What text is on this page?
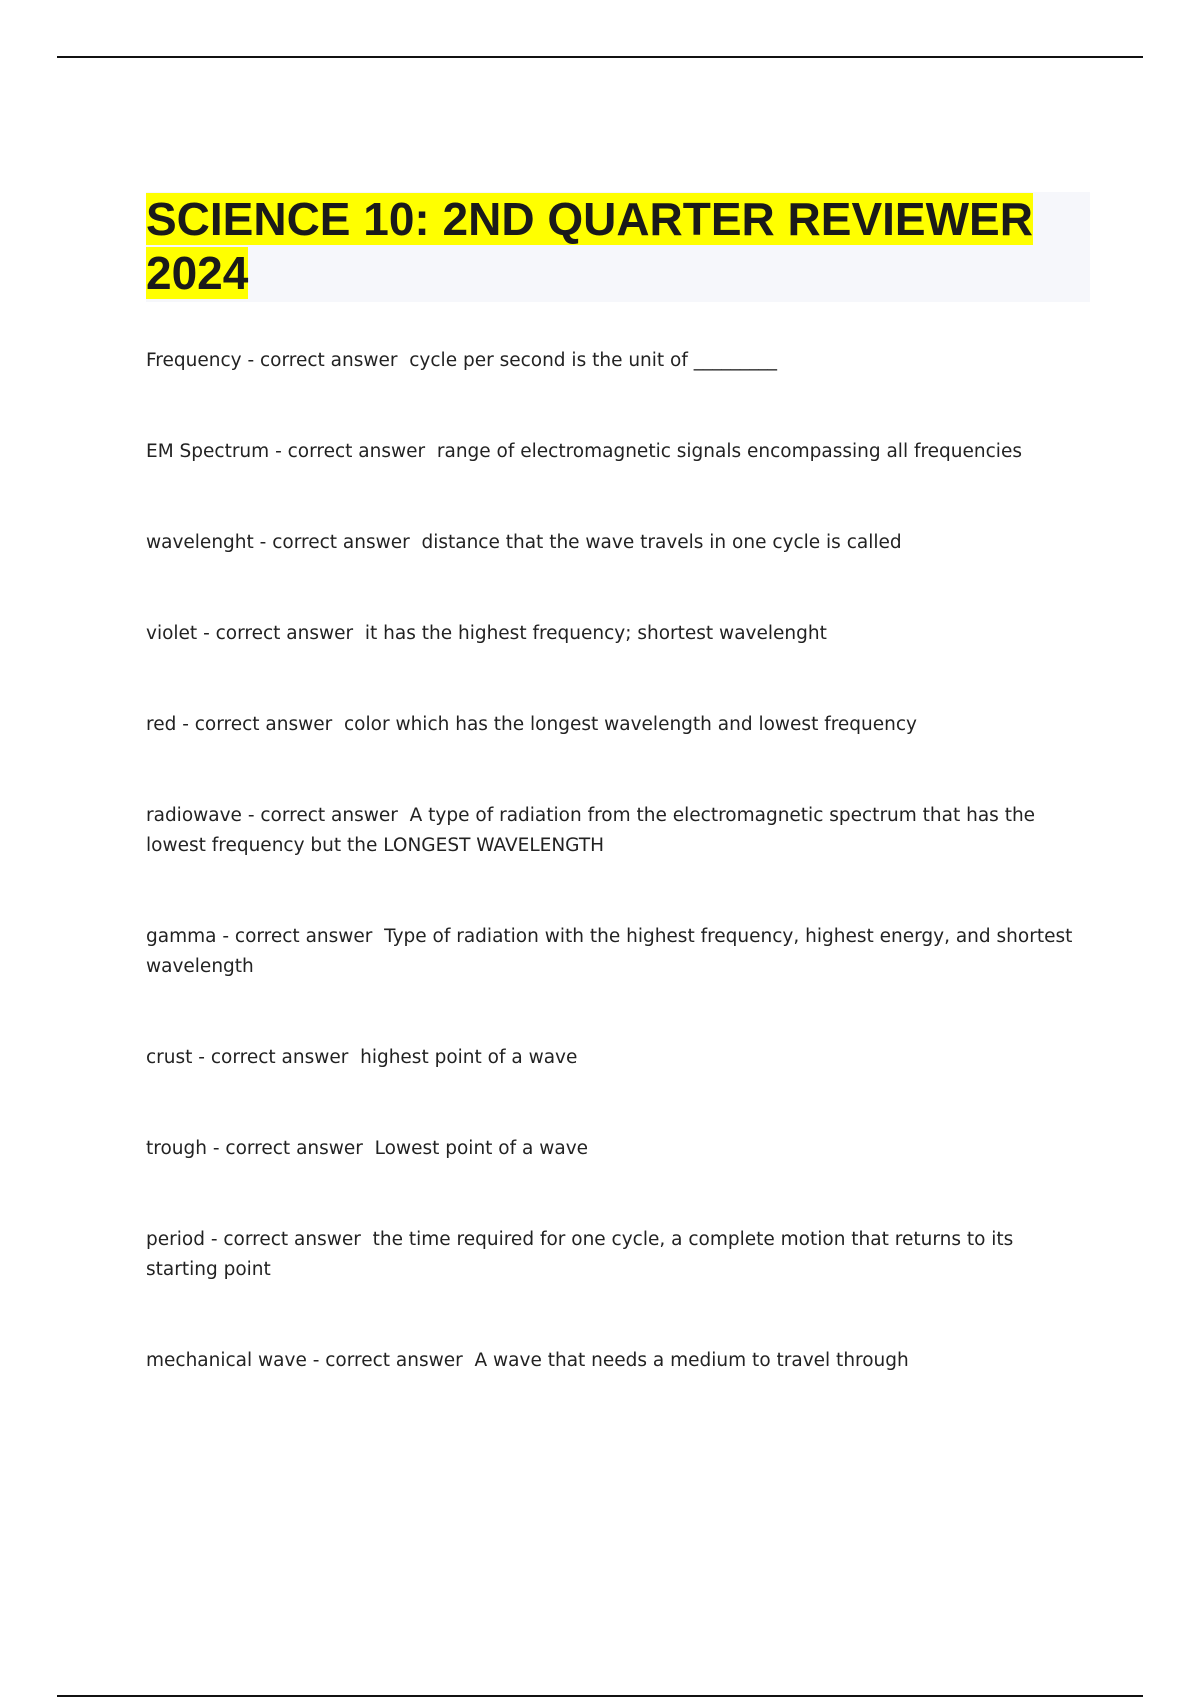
SCIENCE 10: 2ND QUARTER REVIEWER 2024
Frequency - correct answer cycle per second is the unit of _________
EM Spectrum - correct answer range of electromagnetic signals encompassing all frequencies
wavelenght - correct answer distance that the wave travels in one cycle is called
violet - correct answer it has the highest frequency; shortest wavelenght
red - correct answer color which has the longest wavelength and lowest frequency
radiowave - correct answer A type of radiation from the electromagnetic spectrum that has the lowest frequency but the LONGEST WAVELENGTH
gamma - correct answer Type of radiation with the highest frequency, highest energy, and shortest wavelength
crust - correct answer highest point of a wave
trough - correct answer Lowest point of a wave
period - correct answer the time required for one cycle, a complete motion that returns to its starting point
mechanical wave - correct answer A wave that needs a medium to travel through
